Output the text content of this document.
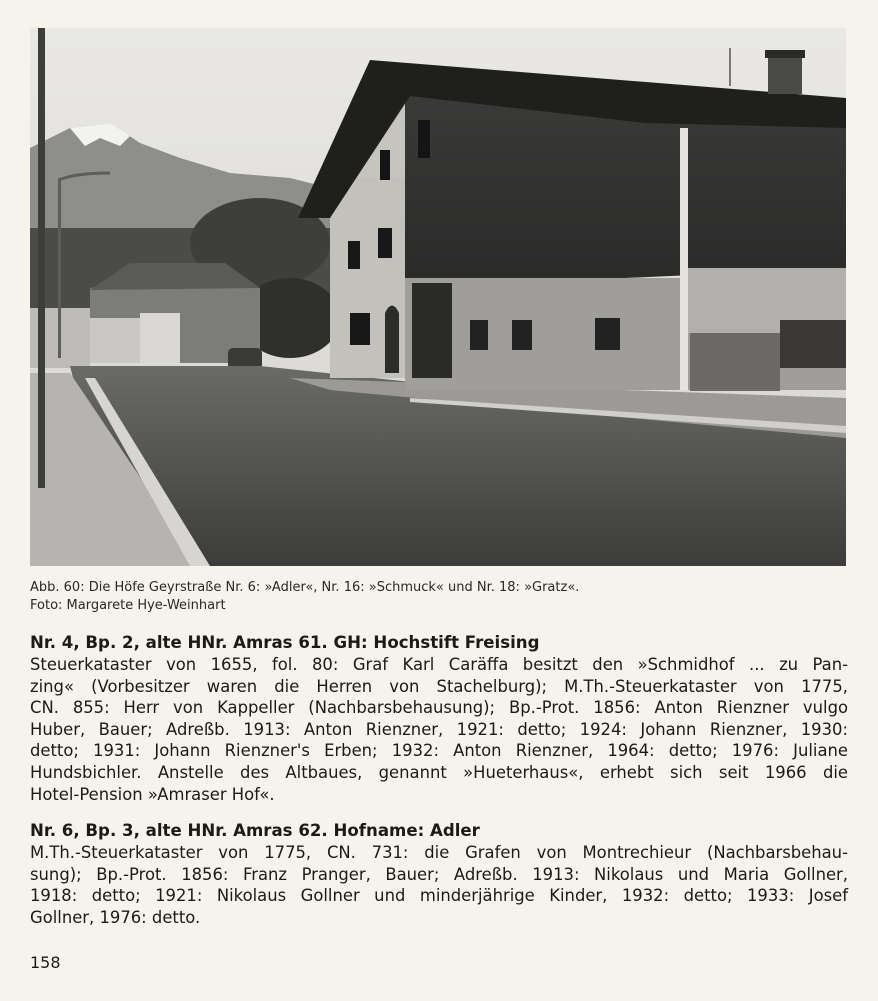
Abb. 60: Die Höfe Geyrstraße Nr. 6: »Adler«, Nr. 16: »Schmuck« und Nr. 18: »Gratz«.
Foto: Margarete Hye-Weinhart
Nr. 4, Bp. 2, alte HNr. Amras 61. GH: Hochstift Freising
Steuerkataster von 1655, fol. 80: Graf Karl Caräffa besitzt den »Schmidhof ... zu Pan-
zing« (Vorbesitzer waren die Herren von Stachelburg); M.Th.-Steuerkataster von 1775,
CN. 855: Herr von Kappeller (Nachbarsbehausung); Bp.-Prot. 1856: Anton Rienzner vulgo
Huber, Bauer; Adreßb. 1913: Anton Rienzner, 1921: detto; 1924: Johann Rienzner, 1930:
detto; 1931: Johann Rienzner's Erben; 1932: Anton Rienzner, 1964: detto; 1976: Juliane
Hundsbichler. Anstelle des Altbaues, genannt »Hueterhaus«, erhebt sich seit 1966 die
Hotel-Pension »Amraser Hof«.
Nr. 6, Bp. 3, alte HNr. Amras 62. Hofname: Adler
M.Th.-Steuerkataster von 1775, CN. 731: die Grafen von Montrechieur (Nachbarsbehau-
sung); Bp.-Prot. 1856: Franz Pranger, Bauer; Adreßb. 1913: Nikolaus und Maria Gollner,
1918: detto; 1921: Nikolaus Gollner und minderjährige Kinder, 1932: detto; 1933: Josef
Gollner, 1976: detto.
158
